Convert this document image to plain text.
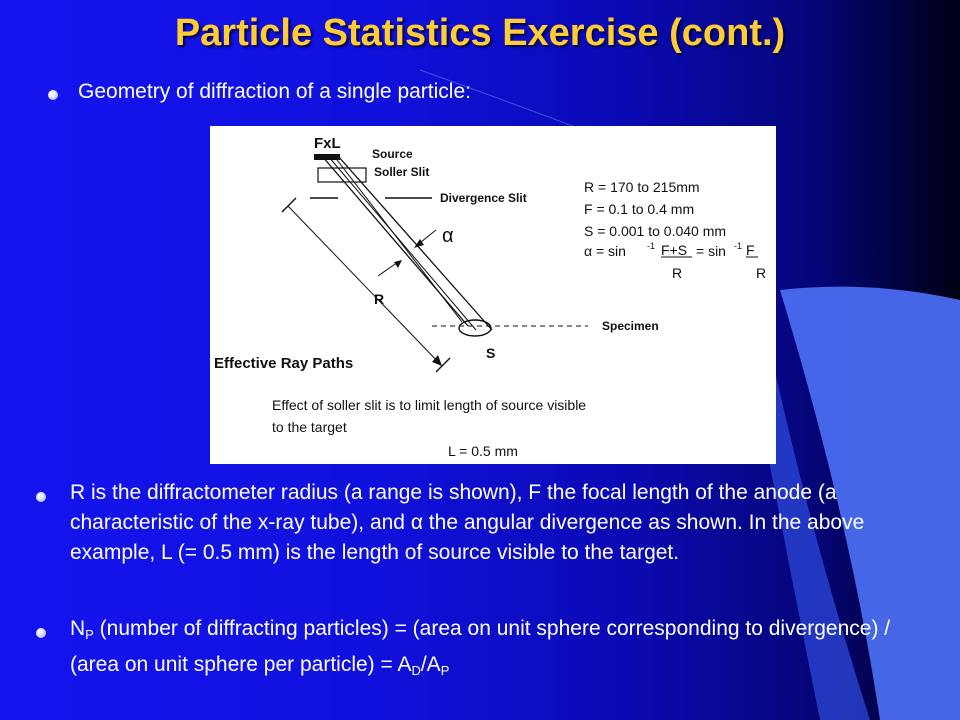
Particle Statistics Exercise (cont.)
Geometry of diffraction of a single particle:
FxL
Source
Soller Slit
Divergence Slit
α
R
Specimen
S
Effective Ray Paths
R = 170 to 215mm
F = 0.1 to 0.4 mm
S = 0.001 to 0.040 mm
α = sin -1 F+S = sin -1 F
R	R
Effect of soller slit is to limit length of source visible
to the target
L = 0.5 mm
R is the diffractometer radius (a range is shown), F the focal length of the anode (a characteristic of the x-ray tube), and α the angular divergence as shown. In the above example, L (= 0.5 mm) is the length of source visible to the target.
$N_P$ (number of diffracting particles) = (area on unit sphere corresponding to divergence) / (area on unit sphere per particle) = $A_D/A_P$
